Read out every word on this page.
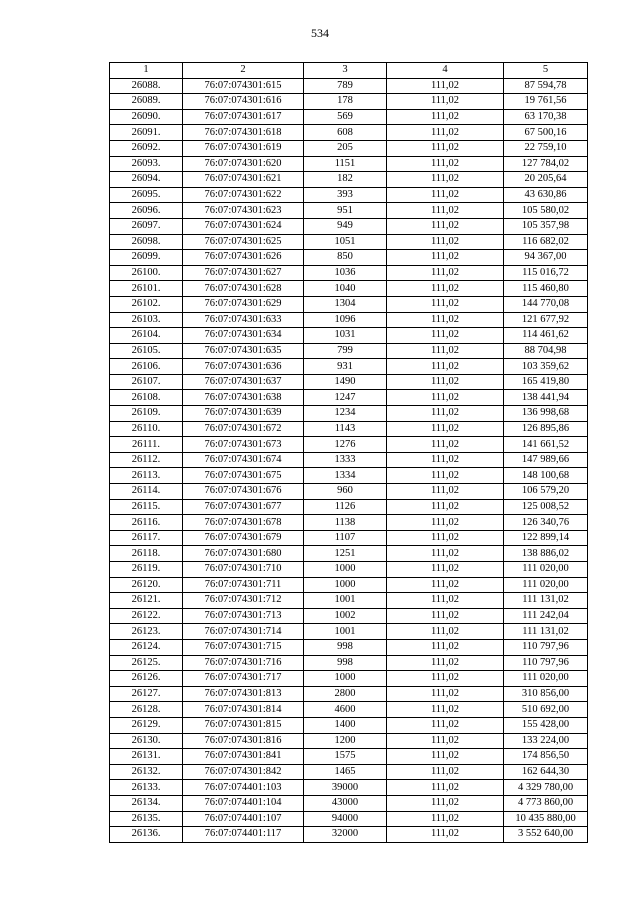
534
1	2	3	4	5
26088.	76:07:074301:615	789	111,02	87 594,78
26089.	76:07:074301:616	178	111,02	19 761,56
26090.	76:07:074301:617	569	111,02	63 170,38
26091.	76:07:074301:618	608	111,02	67 500,16
26092.	76:07:074301:619	205	111,02	22 759,10
26093.	76:07:074301:620	1151	111,02	127 784,02
26094.	76:07:074301:621	182	111,02	20 205,64
26095.	76:07:074301:622	393	111,02	43 630,86
26096.	76:07:074301:623	951	111,02	105 580,02
26097.	76:07:074301:624	949	111,02	105 357,98
26098.	76:07:074301:625	1051	111,02	116 682,02
26099.	76:07:074301:626	850	111,02	94 367,00
26100.	76:07:074301:627	1036	111,02	115 016,72
26101.	76:07:074301:628	1040	111,02	115 460,80
26102.	76:07:074301:629	1304	111,02	144 770,08
26103.	76:07:074301:633	1096	111,02	121 677,92
26104.	76:07:074301:634	1031	111,02	114 461,62
26105.	76:07:074301:635	799	111,02	88 704,98
26106.	76:07:074301:636	931	111,02	103 359,62
26107.	76:07:074301:637	1490	111,02	165 419,80
26108.	76:07:074301:638	1247	111,02	138 441,94
26109.	76:07:074301:639	1234	111,02	136 998,68
26110.	76:07:074301:672	1143	111,02	126 895,86
26111.	76:07:074301:673	1276	111,02	141 661,52
26112.	76:07:074301:674	1333	111,02	147 989,66
26113.	76:07:074301:675	1334	111,02	148 100,68
26114.	76:07:074301:676	960	111,02	106 579,20
26115.	76:07:074301:677	1126	111,02	125 008,52
26116.	76:07:074301:678	1138	111,02	126 340,76
26117.	76:07:074301:679	1107	111,02	122 899,14
26118.	76:07:074301:680	1251	111,02	138 886,02
26119.	76:07:074301:710	1000	111,02	111 020,00
26120.	76:07:074301:711	1000	111,02	111 020,00
26121.	76:07:074301:712	1001	111,02	111 131,02
26122.	76:07:074301:713	1002	111,02	111 242,04
26123.	76:07:074301:714	1001	111,02	111 131,02
26124.	76:07:074301:715	998	111,02	110 797,96
26125.	76:07:074301:716	998	111,02	110 797,96
26126.	76:07:074301:717	1000	111,02	111 020,00
26127.	76:07:074301:813	2800	111,02	310 856,00
26128.	76:07:074301:814	4600	111,02	510 692,00
26129.	76:07:074301:815	1400	111,02	155 428,00
26130.	76:07:074301:816	1200	111,02	133 224,00
26131.	76:07:074301:841	1575	111,02	174 856,50
26132.	76:07:074301:842	1465	111,02	162 644,30
26133.	76:07:074401:103	39000	111,02	4 329 780,00
26134.	76:07:074401:104	43000	111,02	4 773 860,00
26135.	76:07:074401:107	94000	111,02	10 435 880,00
26136.	76:07:074401:117	32000	111,02	3 552 640,00
